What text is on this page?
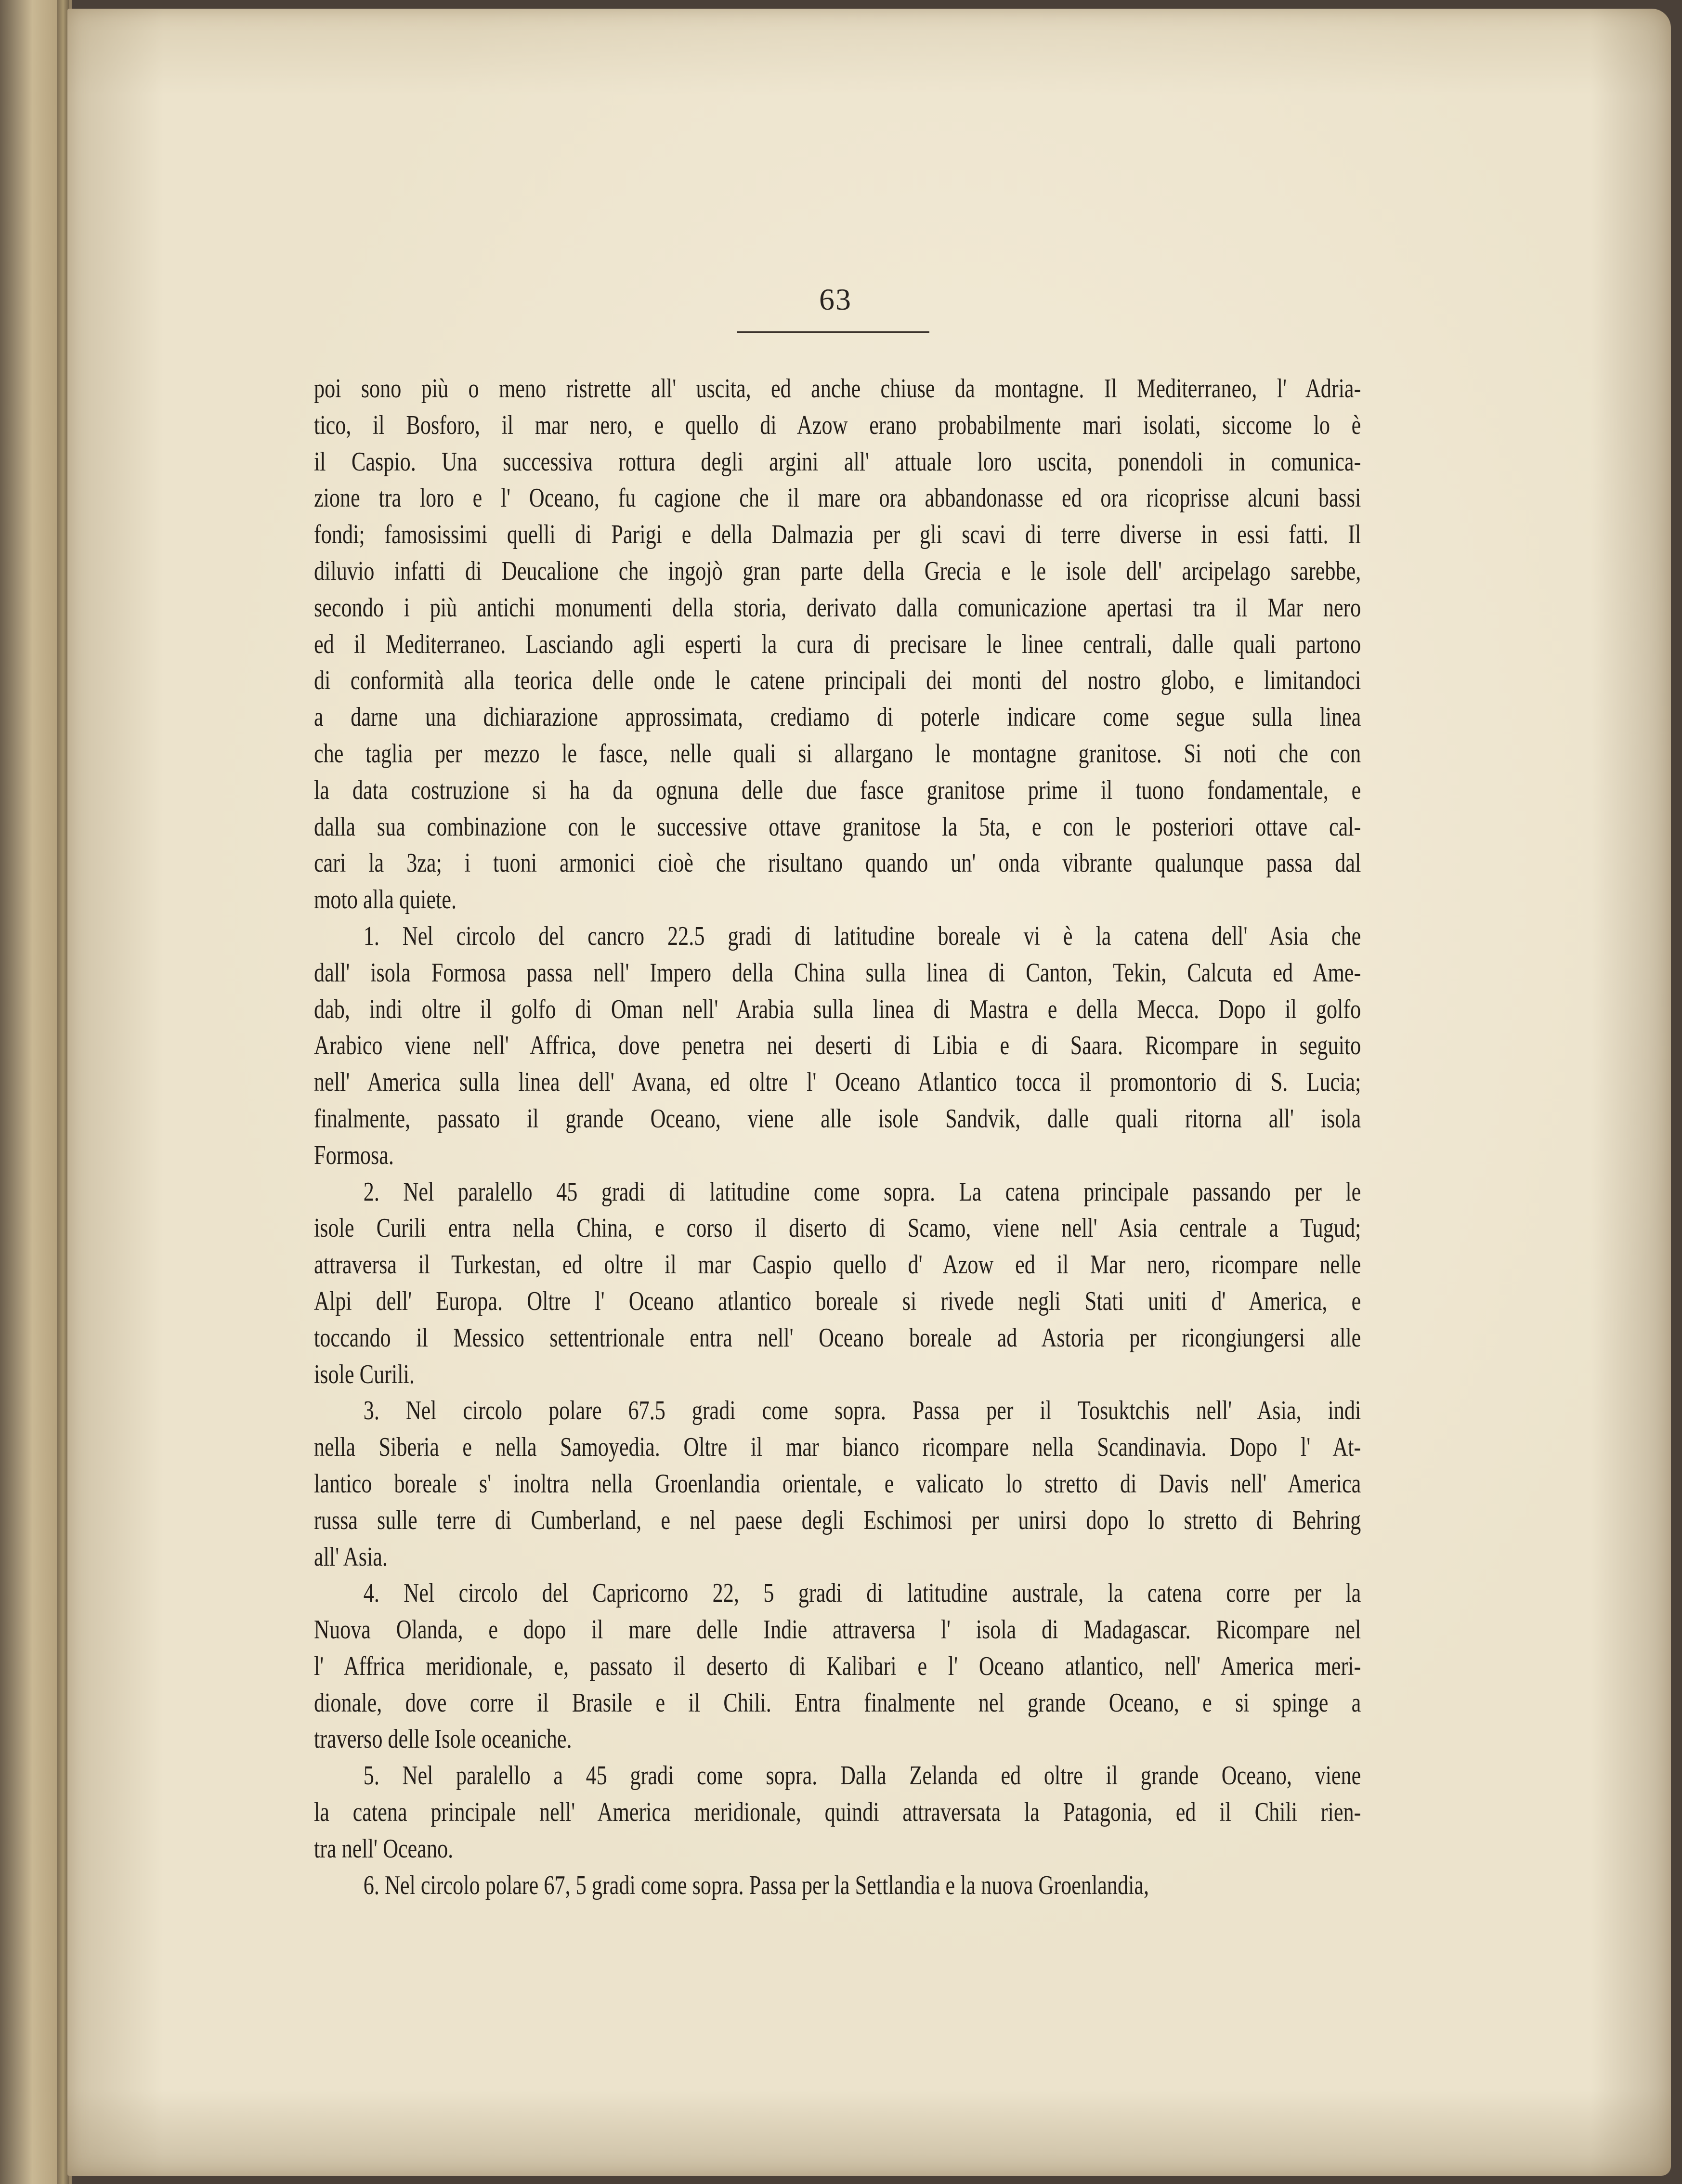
63
poi sono più o meno ristrette all' uscita, ed anche chiuse da montagne. Il Mediterraneo, l' Adria-
tico, il Bosforo, il mar nero, e quello di Azow erano probabilmente mari isolati, siccome lo è
il Caspio. Una successiva rottura degli argini all' attuale loro uscita, ponendoli in comunica-
zione tra loro e l' Oceano, fu cagione che il mare ora abbandonasse ed ora ricoprisse alcuni bassi
fondi; famosissimi quelli di Parigi e della Dalmazia per gli scavi di terre diverse in essi fatti. Il
diluvio infatti di Deucalione che ingojò gran parte della Grecia e le isole dell' arcipelago sarebbe,
secondo i più antichi monumenti della storia, derivato dalla comunicazione apertasi tra il Mar nero
ed il Mediterraneo. Lasciando agli esperti la cura di precisare le linee centrali, dalle quali partono
di conformità alla teorica delle onde le catene principali dei monti del nostro globo, e limitandoci
a darne una dichiarazione approssimata, crediamo di poterle indicare come segue sulla linea
che taglia per mezzo le fasce, nelle quali si allargano le montagne granitose. Si noti che con
la data costruzione si ha da ognuna delle due fasce granitose prime il tuono fondamentale, e
dalla sua combinazione con le successive ottave granitose la 5ta, e con le posteriori ottave cal-
cari la 3za; i tuoni armonici cioè che risultano quando un' onda vibrante qualunque passa dal
moto alla quiete.
1. Nel circolo del cancro 22.5 gradi di latitudine boreale vi è la catena dell' Asia che
dall' isola Formosa passa nell' Impero della China sulla linea di Canton, Tekin, Calcuta ed Ame-
dab, indi oltre il golfo di Oman nell' Arabia sulla linea di Mastra e della Mecca. Dopo il golfo
Arabico viene nell' Affrica, dove penetra nei deserti di Libia e di Saara. Ricompare in seguito
nell' America sulla linea dell' Avana, ed oltre l' Oceano Atlantico tocca il promontorio di S. Lucia;
finalmente, passato il grande Oceano, viene alle isole Sandvik, dalle quali ritorna all' isola
Formosa.
2. Nel paralello 45 gradi di latitudine come sopra. La catena principale passando per le
isole Curili entra nella China, e corso il diserto di Scamo, viene nell' Asia centrale a Tugud;
attraversa il Turkestan, ed oltre il mar Caspio quello d' Azow ed il Mar nero, ricompare nelle
Alpi dell' Europa. Oltre l' Oceano atlantico boreale si rivede negli Stati uniti d' America, e
toccando il Messico settentrionale entra nell' Oceano boreale ad Astoria per ricongiungersi alle
isole Curili.
3. Nel circolo polare 67.5 gradi come sopra. Passa per il Tosuktchis nell' Asia, indi
nella Siberia e nella Samoyedia. Oltre il mar bianco ricompare nella Scandinavia. Dopo l' At-
lantico boreale s' inoltra nella Groenlandia orientale, e valicato lo stretto di Davis nell' America
russa sulle terre di Cumberland, e nel paese degli Eschimosi per unirsi dopo lo stretto di Behring
all' Asia.
4. Nel circolo del Capricorno 22, 5 gradi di latitudine australe, la catena corre per la
Nuova Olanda, e dopo il mare delle Indie attraversa l' isola di Madagascar. Ricompare nel
l' Affrica meridionale, e, passato il deserto di Kalibari e l' Oceano atlantico, nell' America meri-
dionale, dove corre il Brasile e il Chili. Entra finalmente nel grande Oceano, e si spinge a
traverso delle Isole oceaniche.
5. Nel paralello a 45 gradi come sopra. Dalla Zelanda ed oltre il grande Oceano, viene
la catena principale nell' America meridionale, quindi attraversata la Patagonia, ed il Chili rien-
tra nell' Oceano.
6. Nel circolo polare 67, 5 gradi come sopra. Passa per la Settlandia e la nuova Groenlandia,
